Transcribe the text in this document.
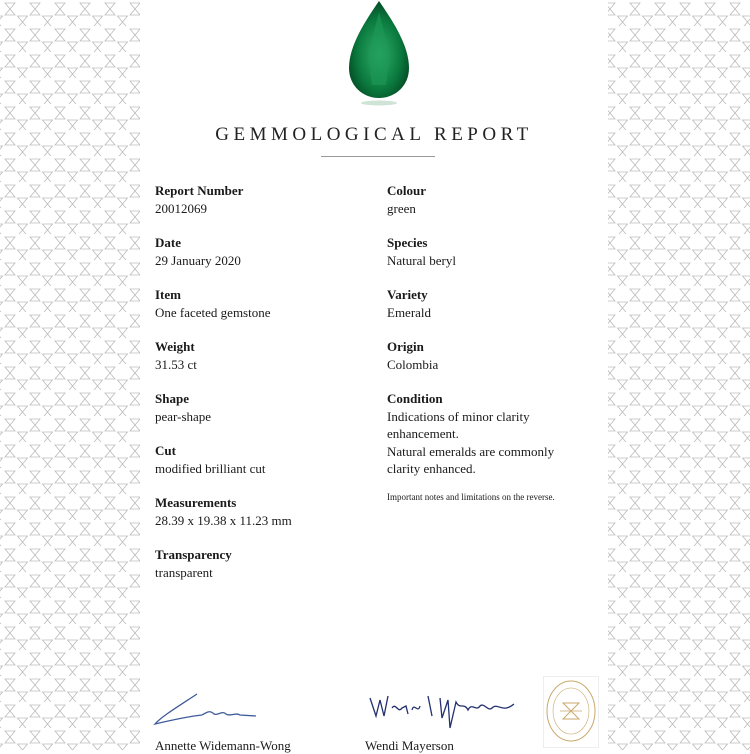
GEMMOLOGICAL REPORT
Report Number
20012069
Date
29 January 2020
Item
One faceted gemstone
Weight
31.53 ct
Shape
pear-shape
Cut
modified brilliant cut
Measurements
28.39 x 19.38 x 11.23 mm
Transparency
transparent
Colour
green
Species
Natural beryl
Variety
Emerald
Origin
Colombia
Condition
Indications of minor clarity
enhancement.
Natural emeralds are commonly
clarity enhanced.
Important notes and limitations on the reverse.
Annette Widemann-Wong	Wendi Mayerson
